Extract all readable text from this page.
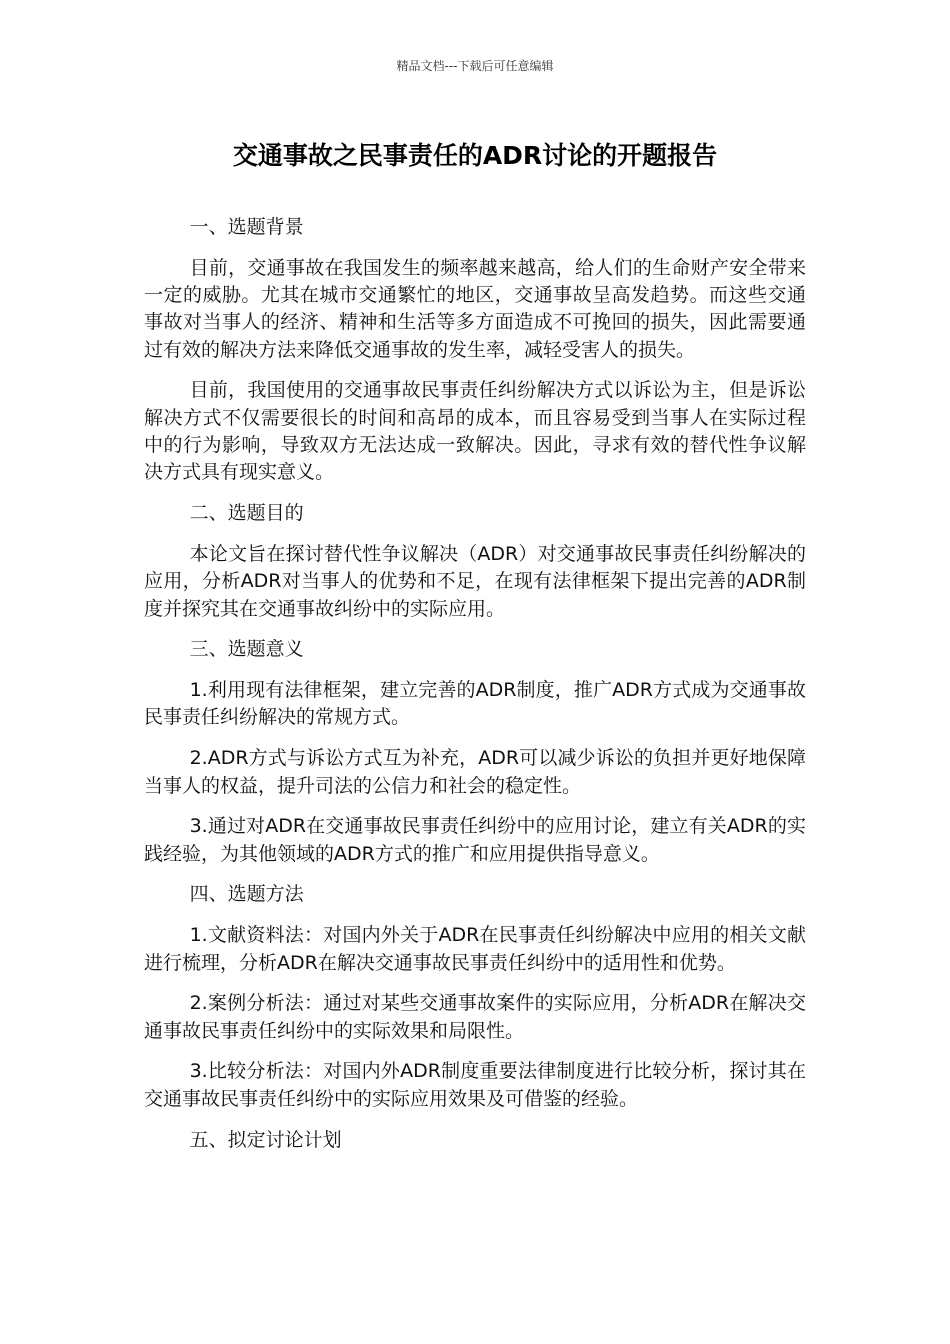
精品文档---下载后可任意编辑
交通事故之民事责任的ADR讨论的开题报告

一、选题背景

目前，交通事故在我国发生的频率越来越高，给人们的生命财产安全带来一定的威胁。尤其在城市交通繁忙的地区，交通事故呈高发趋势。而这些交通事故对当事人的经济、精神和生活等多方面造成不可挽回的损失，因此需要通过有效的解决方法来降低交通事故的发生率，减轻受害人的损失。

目前，我国使用的交通事故民事责任纠纷解决方式以诉讼为主，但是诉讼解决方式不仅需要很长的时间和高昂的成本，而且容易受到当事人在实际过程中的行为影响，导致双方无法达成一致解决。因此，寻求有效的替代性争议解决方式具有现实意义。

二、选题目的

本论文旨在探讨替代性争议解决（ADR）对交通事故民事责任纠纷解决的应用，分析ADR对当事人的优势和不足，在现有法律框架下提出完善的ADR制度并探究其在交通事故纠纷中的实际应用。

三、选题意义

1.利用现有法律框架，建立完善的ADR制度，推广ADR方式成为交通事故民事责任纠纷解决的常规方式。

2.ADR方式与诉讼方式互为补充，ADR可以减少诉讼的负担并更好地保障当事人的权益，提升司法的公信力和社会的稳定性。

3.通过对ADR在交通事故民事责任纠纷中的应用讨论，建立有关ADR的实践经验，为其他领域的ADR方式的推广和应用提供指导意义。

四、选题方法

1.文献资料法：对国内外关于ADR在民事责任纠纷解决中应用的相关文献进行梳理，分析ADR在解决交通事故民事责任纠纷中的适用性和优势。

2.案例分析法：通过对某些交通事故案件的实际应用，分析ADR在解决交通事故民事责任纠纷中的实际效果和局限性。

3.比较分析法：对国内外ADR制度重要法律制度进行比较分析，探讨其在交通事故民事责任纠纷中的实际应用效果及可借鉴的经验。

五、拟定讨论计划
